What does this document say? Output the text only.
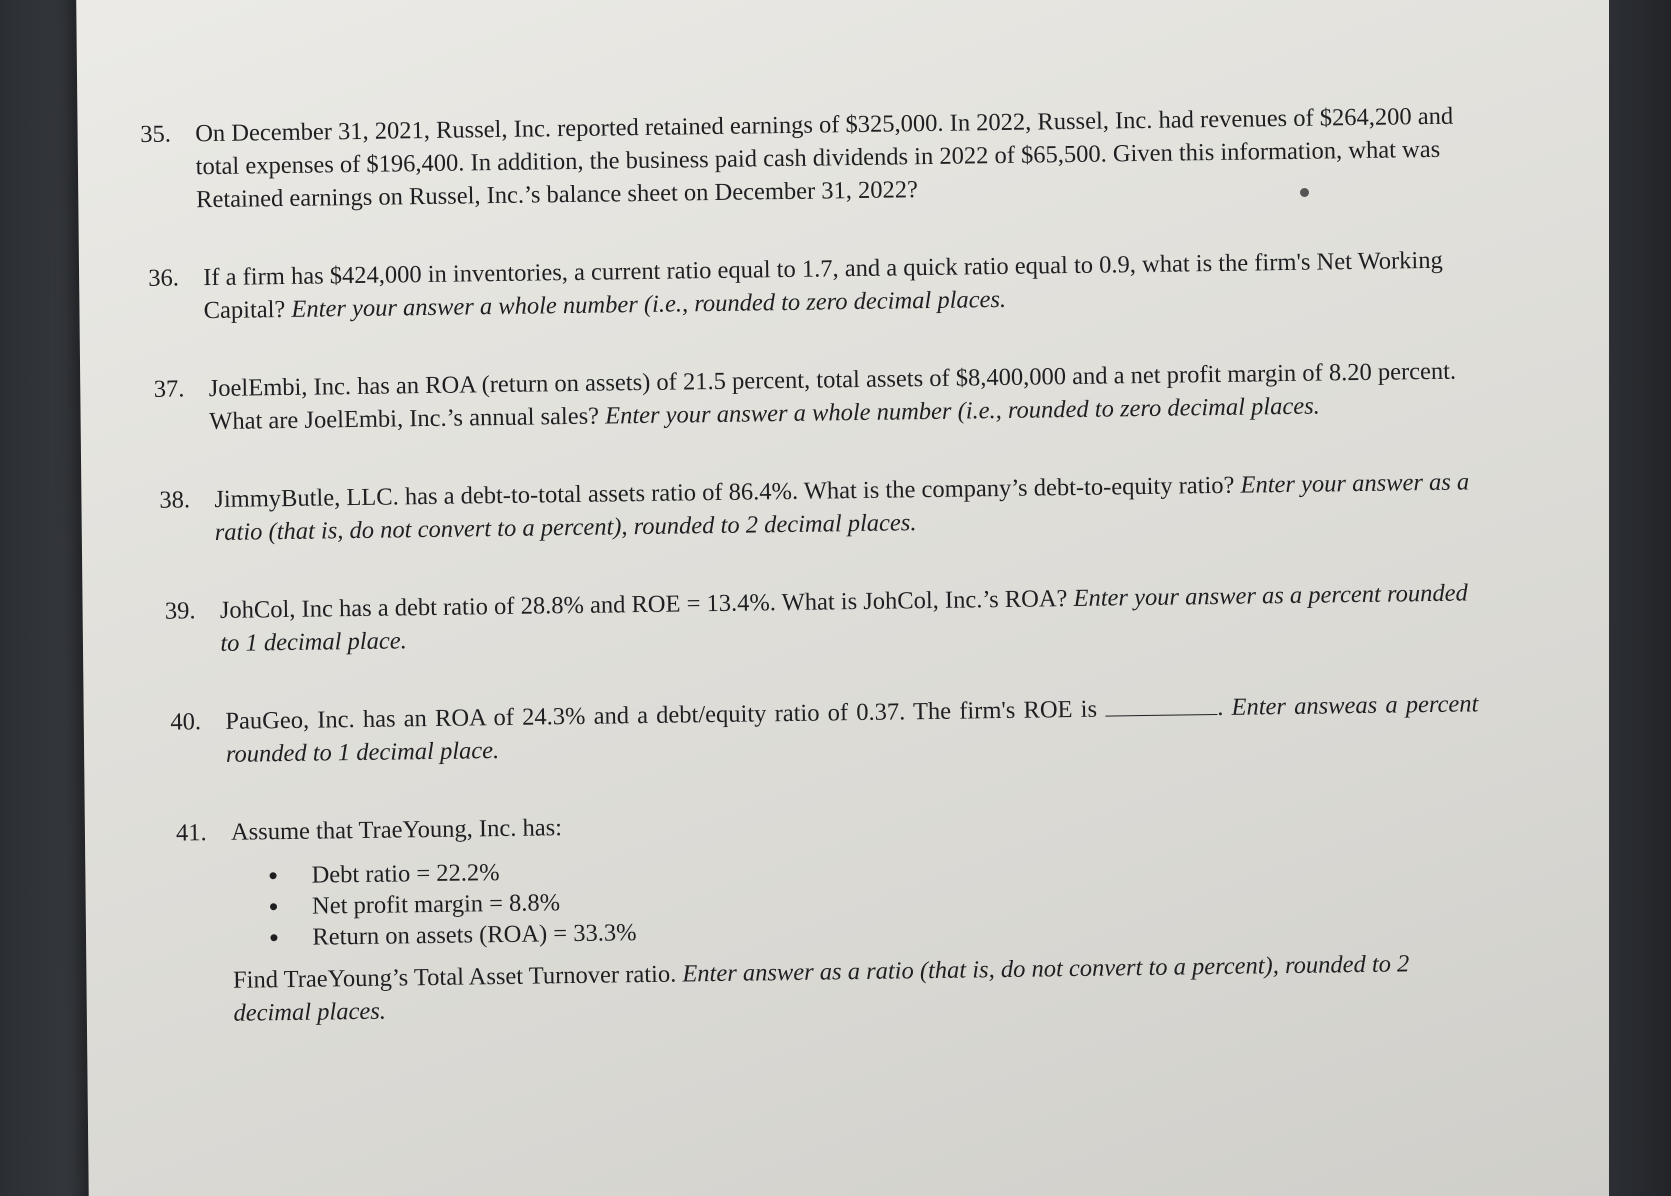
35. On December 31, 2021, Russel, Inc. reported retained earnings of $325,000. In 2022, Russel, Inc. had revenues of $264,200 and total expenses of $196,400. In addition, the business paid cash dividends in 2022 of $65,500. Given this information, what was Retained earnings on Russel, Inc.’s balance sheet on December 31, 2022?
36. If a firm has $424,000 in inventories, a current ratio equal to 1.7, and a quick ratio equal to 0.9, what is the firm's Net Working Capital? Enter your answer a whole number (i.e., rounded to zero decimal places.
37. JoelEmbi, Inc. has an ROA (return on assets) of 21.5 percent, total assets of $8,400,000 and a net profit margin of 8.20 percent. What are JoelEmbi, Inc.’s annual sales? Enter your answer a whole number (i.e., rounded to zero decimal places.
38. JimmyButle, LLC. has a debt-to-total assets ratio of 86.4%. What is the company’s debt-to-equity ratio? Enter your answer as a ratio (that is, do not convert to a percent), rounded to 2 decimal places.
39. JohCol, Inc has a debt ratio of 28.8% and ROE = 13.4%. What is JohCol, Inc.’s ROA? Enter your answer as a percent rounded to 1 decimal place.
40. PauGeo, Inc. has an ROA of 24.3% and a debt/equity ratio of 0.37. The firm's ROE is	. Enter answeas a percent rounded to 1 decimal place.
41. Assume that TraeYoung, Inc. has:
Debt ratio = 22.2%
Net profit margin = 8.8%
Return on assets (ROA) = 33.3%
Find TraeYoung’s Total Asset Turnover ratio. Enter answer as a ratio (that is, do not convert to a percent), rounded to 2 decimal places.
